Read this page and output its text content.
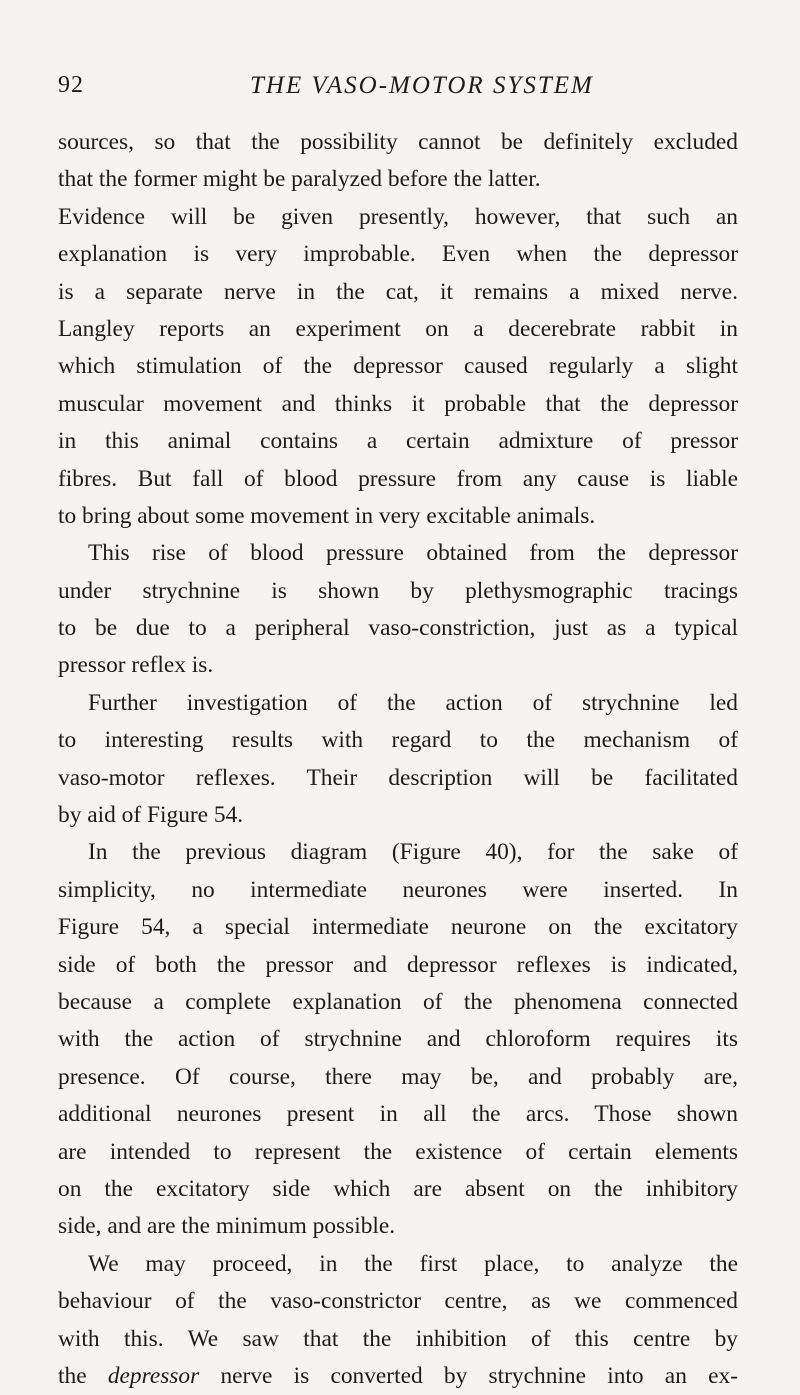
92	THE VASO-MOTOR SYSTEM

sources, so that the possibility cannot be definitely excluded
that the former might be paralyzed before the latter.
Evidence will be given presently, however, that such an
explanation is very improbable. Even when the depressor
is a separate nerve in the cat, it remains a mixed nerve.
Langley reports an experiment on a decerebrate rabbit in
which stimulation of the depressor caused regularly a slight
muscular movement and thinks it probable that the depressor
in this animal contains a certain admixture of pressor
fibres. But fall of blood pressure from any cause is liable
to bring about some movement in very excitable animals.

This rise of blood pressure obtained from the depressor
under strychnine is shown by plethysmographic tracings
to be due to a peripheral vaso-constriction, just as a typical
pressor reflex is.

Further investigation of the action of strychnine led
to interesting results with regard to the mechanism of
vaso-motor reflexes. Their description will be facilitated
by aid of Figure 54.

In the previous diagram (Figure 40), for the sake of
simplicity, no intermediate neurones were inserted. In
Figure 54, a special intermediate neurone on the excitatory
side of both the pressor and depressor reflexes is indicated,
because a complete explanation of the phenomena connected
with the action of strychnine and chloroform requires its
presence. Of course, there may be, and probably are,
additional neurones present in all the arcs. Those shown
are intended to represent the existence of certain elements
on the excitatory side which are absent on the inhibitory
side, and are the minimum possible.

We may proceed, in the first place, to analyze the
behaviour of the vaso-constrictor centre, as we commenced
with this. We saw that the inhibition of this centre by
the depressor nerve is converted by strychnine into an ex-
